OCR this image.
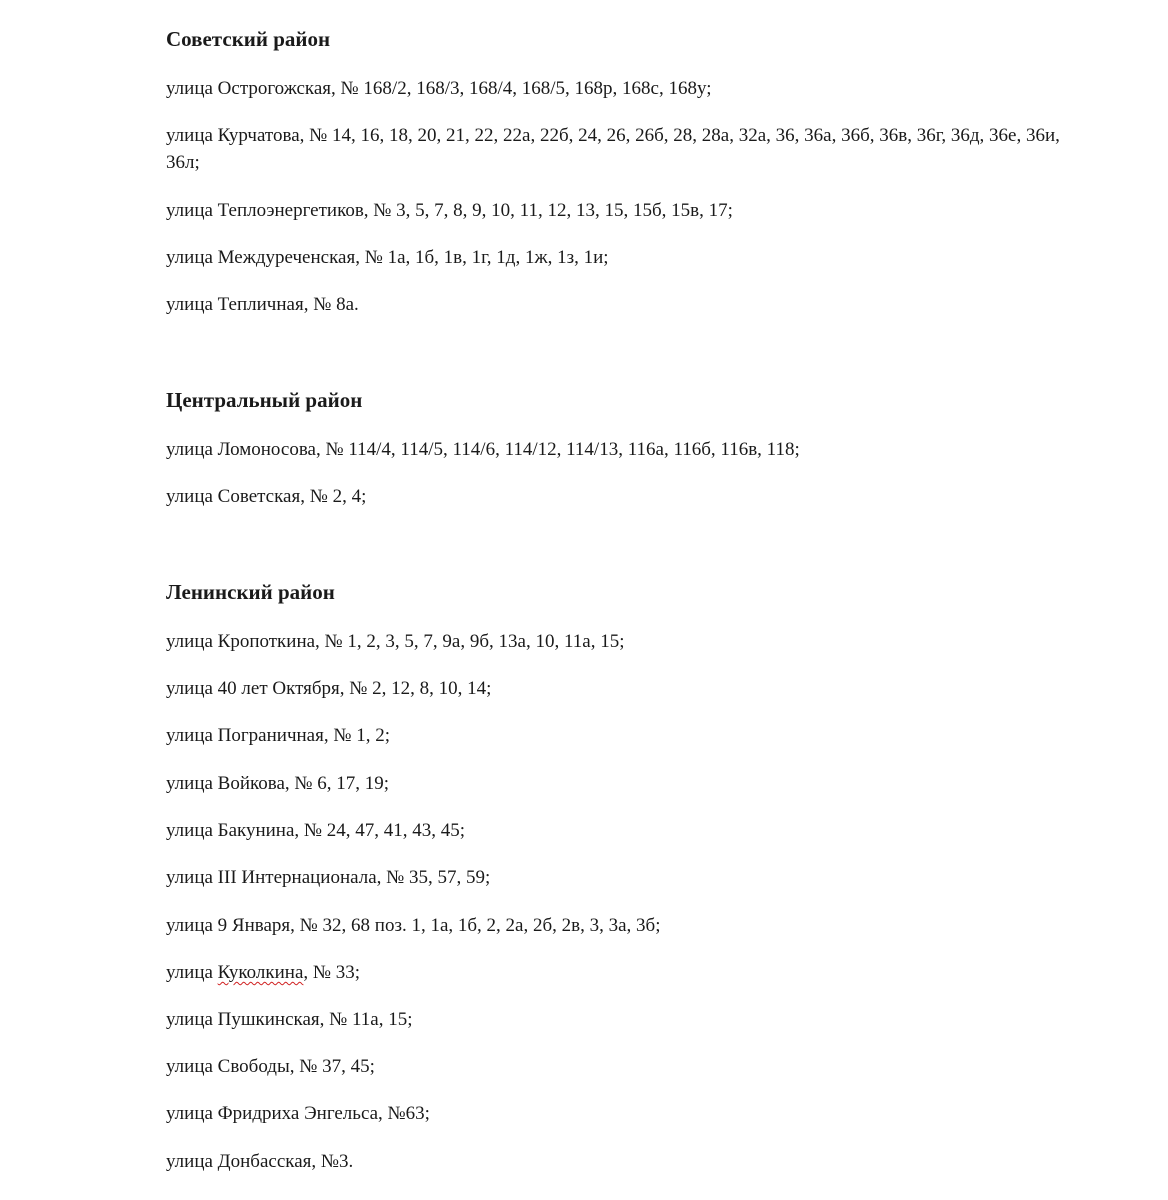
Советский район

улица Острогожская, № 168/2, 168/3, 168/4, 168/5, 168р, 168с, 168у;

улица Курчатова, № 14, 16, 18, 20, 21, 22, 22а, 22б, 24, 26, 26б, 28, 28а, 32а, 36, 36а, 36б, 36в, 36г, 36д, 36е, 36и, 36л;

улица Теплоэнергетиков, № 3, 5, 7, 8, 9, 10, 11, 12, 13, 15, 15б, 15в, 17;

улица Междуреченская, № 1а, 1б, 1в, 1г, 1д, 1ж, 1з, 1и;

улица Тепличная, № 8а.

Центральный район

улица Ломоносова, № 114/4, 114/5, 114/6, 114/12, 114/13, 116а, 116б, 116в, 118;

улица Советская, № 2, 4;

Ленинский район

улица Кропоткина, № 1, 2, 3, 5, 7, 9а, 9б, 13а, 10, 11а, 15;

улица 40 лет Октября, № 2, 12, 8, 10, 14;

улица Пограничная, № 1, 2;

улица Войкова, № 6, 17, 19;

улица Бакунина, № 24, 47, 41, 43, 45;

улица III Интернационала, № 35, 57, 59;

улица 9 Января, № 32, 68 поз. 1, 1а, 1б, 2, 2а, 2б, 2в, 3, 3а, 3б;

улица Куколкина, № 33;

улица Пушкинская, № 11а, 15;

улица Свободы, № 37, 45;

улица Фридриха Энгельса, №63;

улица Донбасская, №3.
